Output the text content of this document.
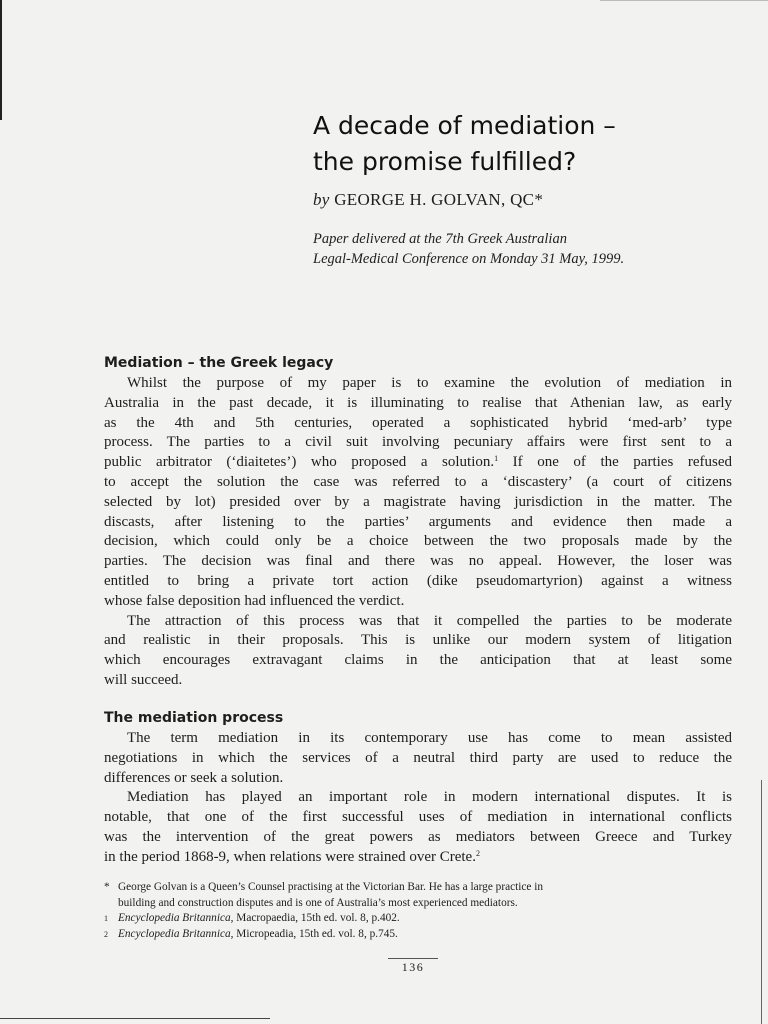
A decade of mediation –
the promise fulfilled?

by GEORGE H. GOLVAN, QC*

Paper delivered at the 7th Greek Australian
Legal-Medical Conference on Monday 31 May, 1999.
Mediation – the Greek legacy
Whilst the purpose of my paper is to examine the evolution of mediation in
Australia in the past decade, it is illuminating to realise that Athenian law, as early
as the 4th and 5th centuries, operated a sophisticated hybrid ‘med-arb’ type
process. The parties to a civil suit involving pecuniary affairs were first sent to a
public arbitrator (‘diaitetes’) who proposed a solution.$^1$ If one of the parties refused
to accept the solution the case was referred to a ‘discastery’ (a court of citizens
selected by lot) presided over by a magistrate having jurisdiction in the matter. The
discasts, after listening to the parties’ arguments and evidence then made a
decision, which could only be a choice between the two proposals made by the
parties. The decision was final and there was no appeal. However, the loser was
entitled to bring a private tort action (dike pseudomartyrion) against a witness
whose false deposition had influenced the verdict.
The attraction of this process was that it compelled the parties to be moderate
and realistic in their proposals. This is unlike our modern system of litigation
which encourages extravagant claims in the anticipation that at least some
will succeed.
The mediation process
The term mediation in its contemporary use has come to mean assisted
negotiations in which the services of a neutral third party are used to reduce the
differences or seek a solution.
Mediation has played an important role in modern international disputes. It is
notable, that one of the first successful uses of mediation in international conflicts
was the intervention of the great powers as mediators between Greece and Turkey
in the period 1868-9, when relations were strained over Crete.$^2$
* George Golvan is a Queen’s Counsel practising at the Victorian Bar. He has a large practice in
building and construction disputes and is one of Australia’s most experienced mediators.
1 Encyclopedia Britannica, Macropaedia, 15th ed. vol. 8, p.402.
2 Encyclopedia Britannica, Micropeadia, 15th ed. vol. 8, p.745.
136
